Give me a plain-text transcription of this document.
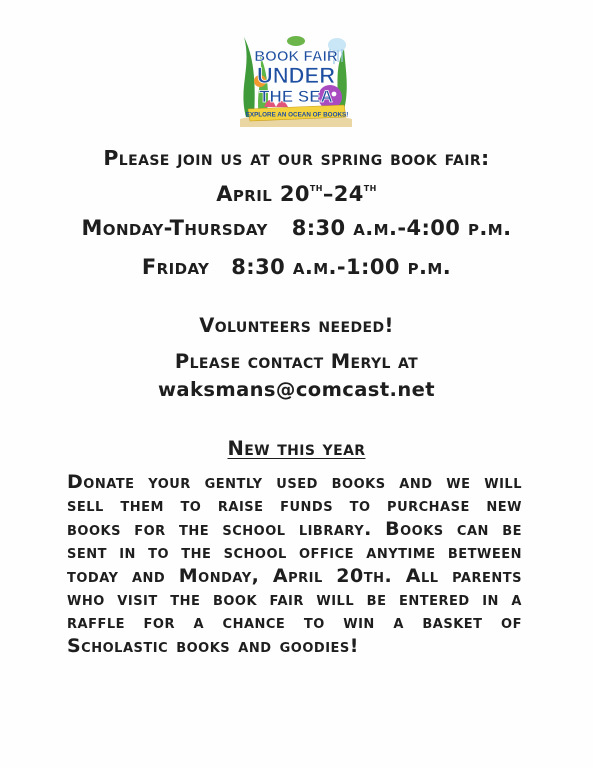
BOOK FAIR
UNDER
THE SEA
EXPLORE AN OCEAN OF BOOKS!
Please join us at our spring book fair:
April 20th–24th
Monday-Thursday 8:30 a.m.-4:00 p.m.
Friday 8:30 a.m.-1:00 p.m.
Volunteers needed!
Please contact Meryl at
waksmans@comcast.net
New this year
Donate your gently used books and we will sell them to raise funds to purchase new books for the school library. Books can be sent in to the school office anytime between today and Monday, April 20th. All parents who visit the book fair will be entered in a raffle for a chance to win a basket of Scholastic books and goodies!
